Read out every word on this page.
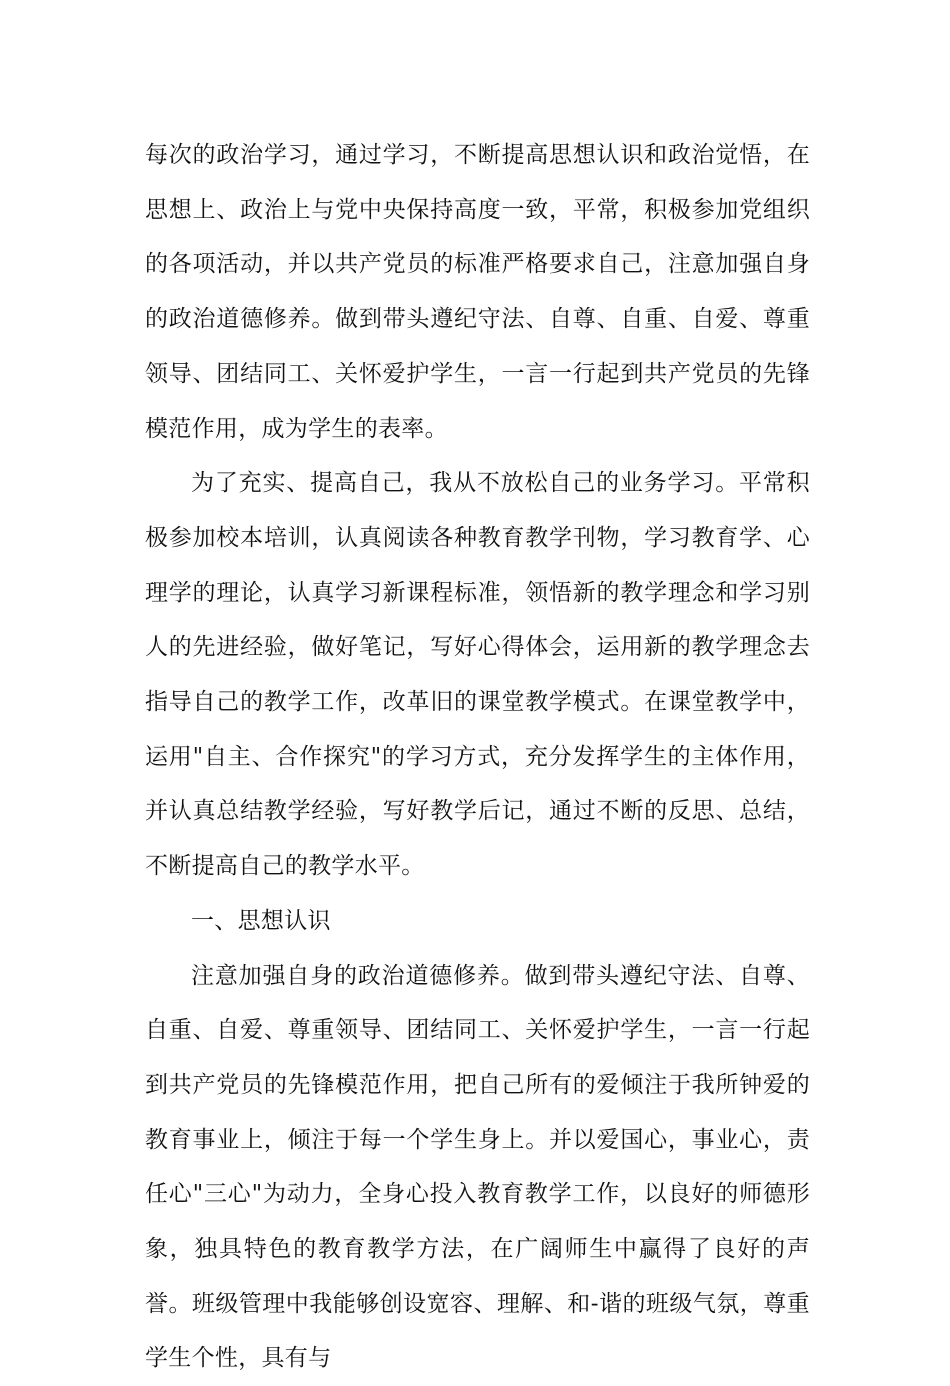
每次的政治学习，通过学习，不断提高思想认识和政治觉悟，在思想上、政治上与党中央保持高度一致，平常，积极参加党组织的各项活动，并以共产党员的标准严格要求自己，注意加强自身的政治道德修养。做到带头遵纪守法、自尊、自重、自爱、尊重领导、团结同工、关怀爱护学生，一言一行起到共产党员的先锋模范作用，成为学生的表率。

为了充实、提高自己，我从不放松自己的业务学习。平常积极参加校本培训，认真阅读各种教育教学刊物，学习教育学、心理学的理论，认真学习新课程标准，领悟新的教学理念和学习别人的先进经验，做好笔记，写好心得体会，运用新的教学理念去指导自己的教学工作，改革旧的课堂教学模式。在课堂教学中，运用"自主、合作探究"的学习方式，充分发挥学生的主体作用，并认真总结教学经验，写好教学后记，通过不断的反思、总结，不断提高自己的教学水平。

一、思想认识

注意加强自身的政治道德修养。做到带头遵纪守法、自尊、自重、自爱、尊重领导、团结同工、关怀爱护学生，一言一行起到共产党员的先锋模范作用，把自己所有的爱倾注于我所钟爱的教育事业上，倾注于每一个学生身上。并以爱国心，事业心，责任心"三心"为动力，全身心投入教育教学工作，以良好的师德形象，独具特色的教育教学方法，在广阔师生中赢得了良好的声誉。班级管理中我能够创设宽容、理解、和-谐的班级气氛，尊重学生个性，具有与
